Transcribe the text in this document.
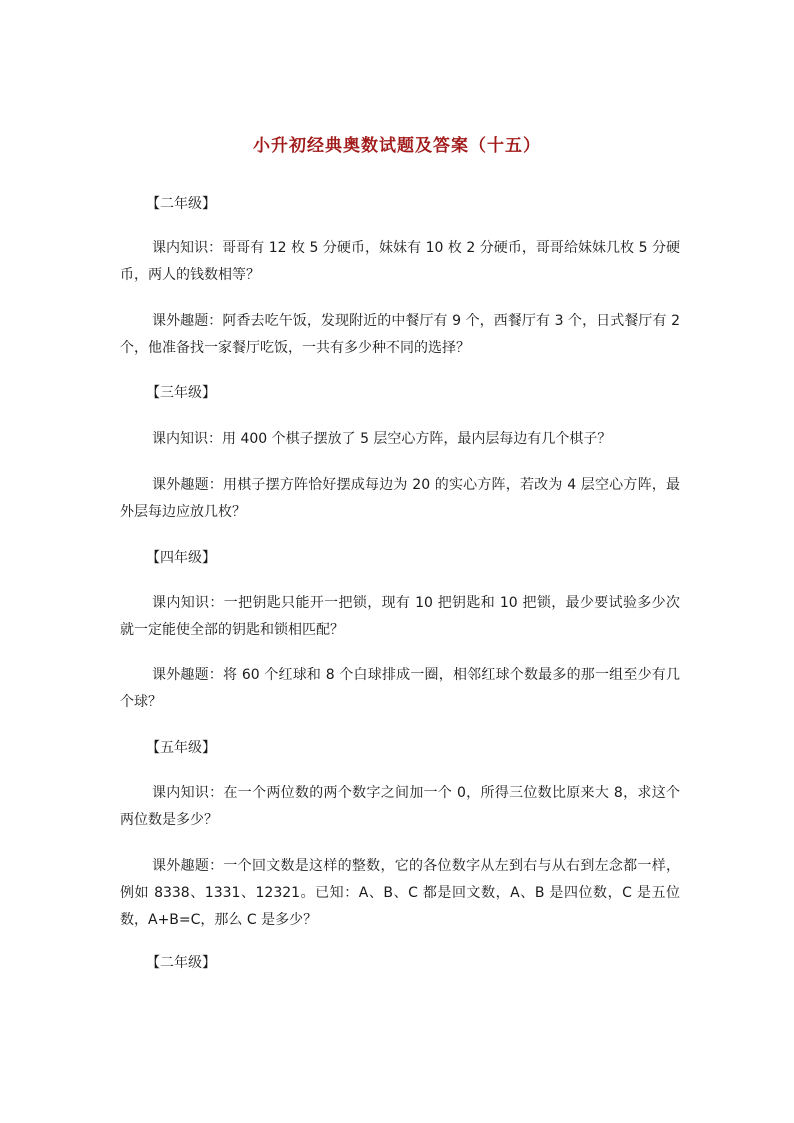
小升初经典奥数试题及答案（十五）
【二年级】
课内知识：哥哥有 12 枚 5 分硬币，妹妹有 10 枚 2 分硬币，哥哥给妹妹几枚 5 分硬币，两人的钱数相等？
课外趣题：阿香去吃午饭，发现附近的中餐厅有 9 个，西餐厅有 3 个，日式餐厅有 2 个，他准备找一家餐厅吃饭，一共有多少种不同的选择？
【三年级】
课内知识：用 400 个棋子摆放了 5 层空心方阵，最内层每边有几个棋子？
课外趣题：用棋子摆方阵恰好摆成每边为 20 的实心方阵，若改为 4 层空心方阵，最外层每边应放几枚？
【四年级】
课内知识：一把钥匙只能开一把锁，现有 10 把钥匙和 10 把锁，最少要试验多少次就一定能使全部的钥匙和锁相匹配？
课外趣题：将 60 个红球和 8 个白球排成一圈，相邻红球个数最多的那一组至少有几个球？
【五年级】
课内知识：在一个两位数的两个数字之间加一个 0，所得三位数比原来大 8，求这个两位数是多少？
课外趣题：一个回文数是这样的整数，它的各位数字从左到右与从右到左念都一样，例如 8338、1331、12321。已知：A、B、C 都是回文数，A、B 是四位数，C 是五位数，A+B=C，那么 C 是多少？
【二年级】
